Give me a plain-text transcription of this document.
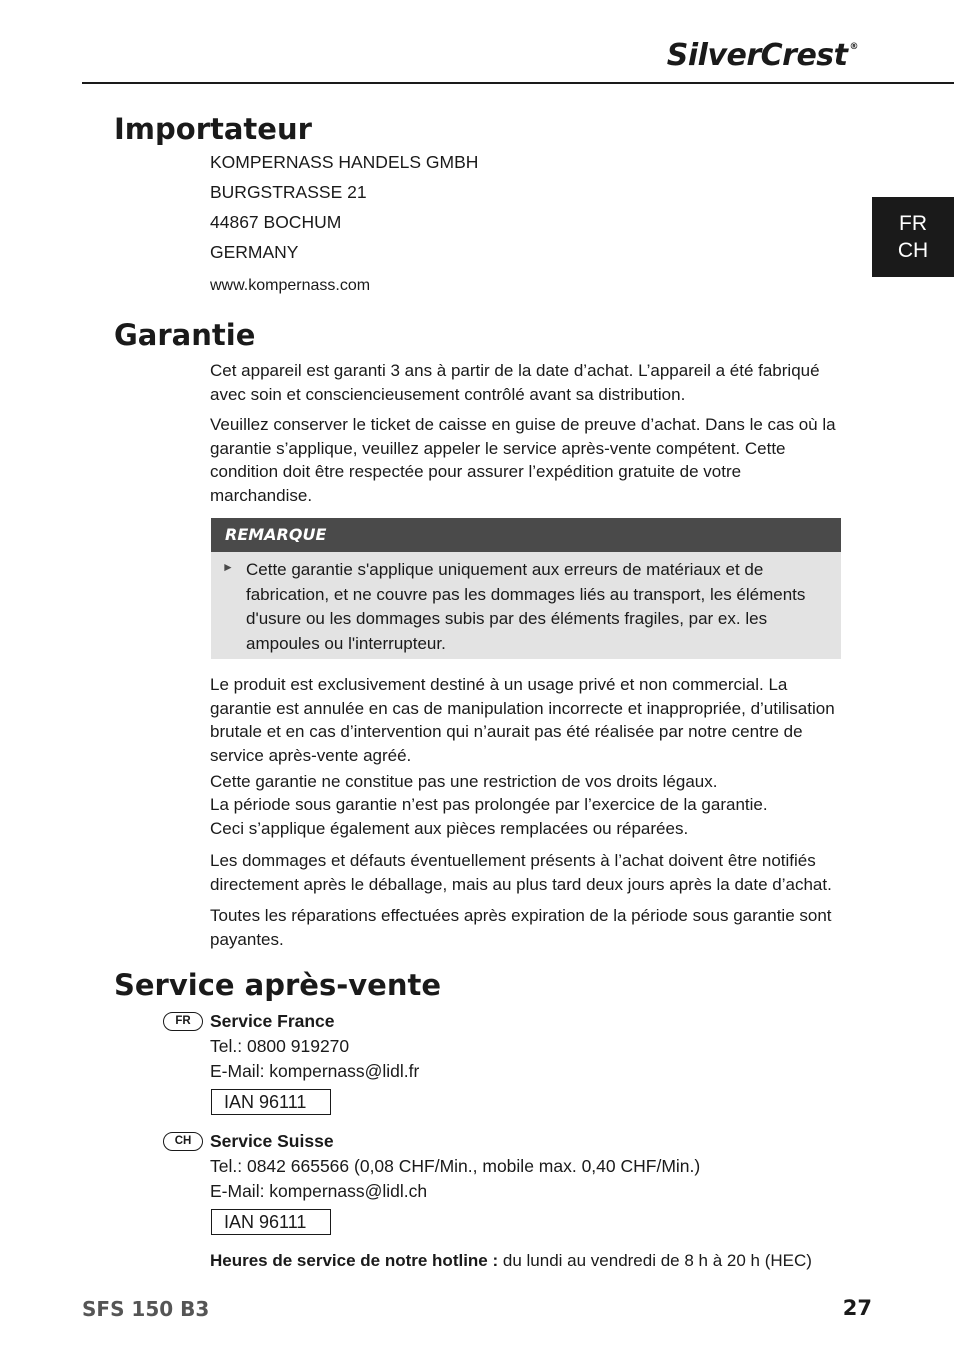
SilverCrest ®
FR
CH
Importateur
KOMPERNASS HANDELS GMBH
BURGSTRASSE 21
44867 BOCHUM
GERMANY
www.kompernass.com
Garantie
Cet appareil est garanti 3 ans à partir de la date d’achat. L’appareil a été fabriqué avec soin et consciencieusement contrôlé avant sa distribution.
Veuillez conserver le ticket de caisse en guise de preuve d’achat. Dans le cas où la garantie s’applique, veuillez appeler le service après-vente compétent. Cette condition doit être respectée pour assurer l’expédition gratuite de votre marchandise.
REMARQUE
► Cette garantie s'applique uniquement aux erreurs de matériaux et de fabrication, et ne couvre pas les dommages liés au transport, les éléments d'usure ou les dommages subis par des éléments fragiles, par ex. les ampoules ou l'interrupteur.
Le produit est exclusivement destiné à un usage privé et non commercial. La garantie est annulée en cas de manipulation incorrecte et inappropriée, d’utilisation brutale et en cas d’intervention qui n’aurait pas été réalisée par notre centre de service après-vente agréé.
Cette garantie ne constitue pas une restriction de vos droits légaux.
La période sous garantie n’est pas prolongée par l’exercice de la garantie.
Ceci s’applique également aux pièces remplacées ou réparées.
Les dommages et défauts éventuellement présents à l’achat doivent être notifiés directement après le déballage, mais au plus tard deux jours après la date d’achat.
Toutes les réparations effectuées après expiration de la période sous garantie sont payantes.
Service après-vente
FR	Service France
Tel.: 0800 919270
E-Mail: kompernass@lidl.fr
IAN 96111
CH	Service Suisse
Tel.: 0842 665566 (0,08 CHF/Min., mobile max. 0,40 CHF/Min.)
E-Mail: kompernass@lidl.ch
IAN 96111
Heures de service de notre hotline : du lundi au vendredi de 8 h à 20 h (HEC)
SFS 150 B3	27
